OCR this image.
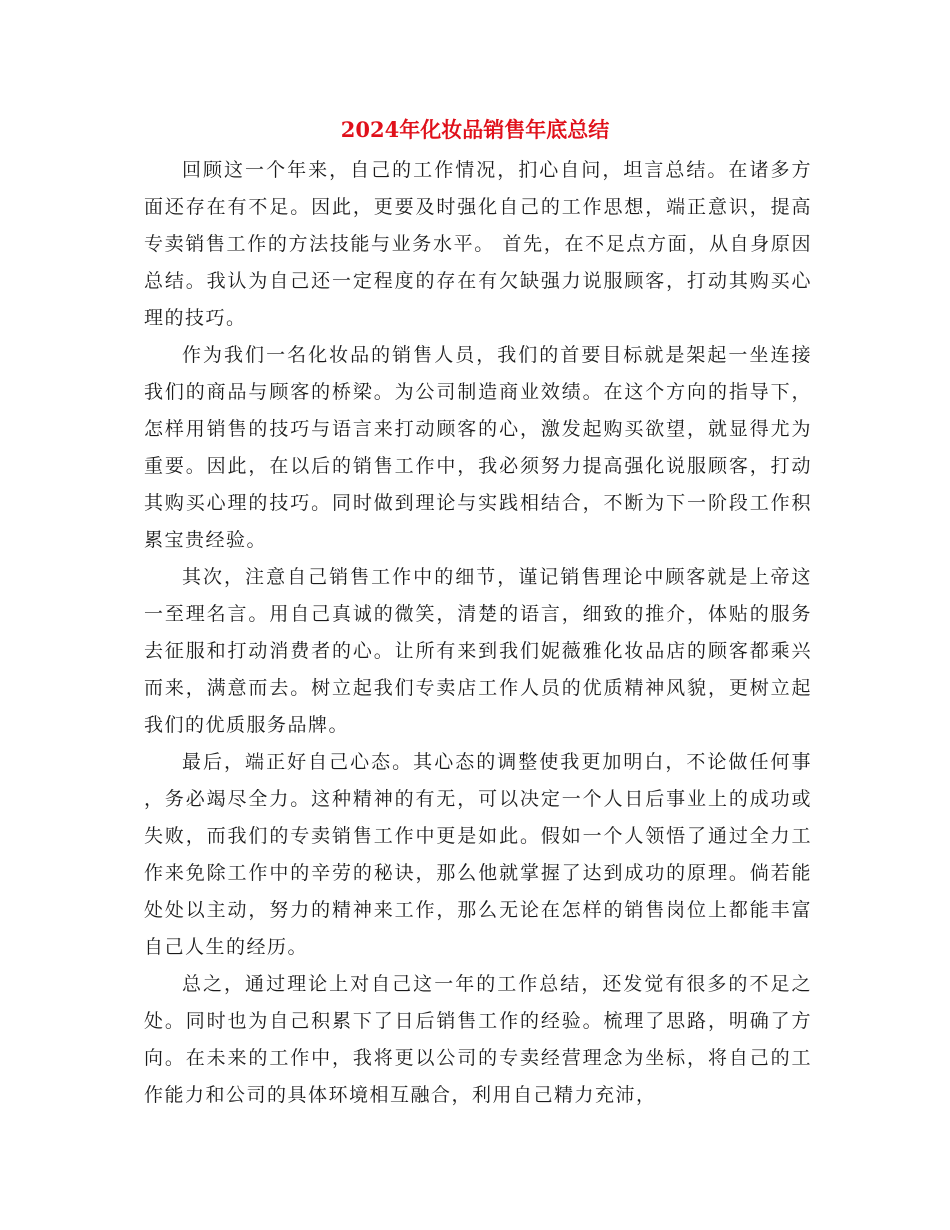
2024年化妆品销售年底总结

回顾这一个年来，自己的工作情况，扪心自问，坦言总结。在诸多方面还存在有不足。因此，更要及时强化自己的工作思想，端正意识，提高专卖销售工作的方法技能与业务水平。 首先，在不足点方面，从自身原因总结。我认为自己还一定程度的存在有欠缺强力说服顾客，打动其购买心理的技巧。

作为我们一名化妆品的销售人员，我们的首要目标就是架起一坐连接我们的商品与顾客的桥梁。为公司制造商业效绩。在这个方向的指导下，怎样用销售的技巧与语言来打动顾客的心，激发起购买欲望，就显得尤为重要。因此，在以后的销售工作中，我必须努力提高强化说服顾客，打动其购买心理的技巧。同时做到理论与实践相结合，不断为下一阶段工作积累宝贵经验。

其次，注意自己销售工作中的细节，谨记销售理论中顾客就是上帝这一至理名言。用自己真诚的微笑，清楚的语言，细致的推介，体贴的服务去征服和打动消费者的心。让所有来到我们妮薇雅化妆品店的顾客都乘兴而来，满意而去。树立起我们专卖店工作人员的优质精神风貌，更树立起我们的优质服务品牌。

最后，端正好自己心态。其心态的调整使我更加明白，不论做任何事，务必竭尽全力。这种精神的有无，可以决定一个人日后事业上的成功或失败，而我们的专卖销售工作中更是如此。假如一个人领悟了通过全力工作来免除工作中的辛劳的秘诀，那么他就掌握了达到成功的原理。倘若能处处以主动，努力的精神来工作，那么无论在怎样的销售岗位上都能丰富自己人生的经历。

总之，通过理论上对自己这一年的工作总结，还发觉有很多的不足之处。同时也为自己积累下了日后销售工作的经验。梳理了思路，明确了方向。在未来的工作中，我将更以公司的专卖经营理念为坐标，将自己的工作能力和公司的具体环境相互融合，利用自己精力充沛，
